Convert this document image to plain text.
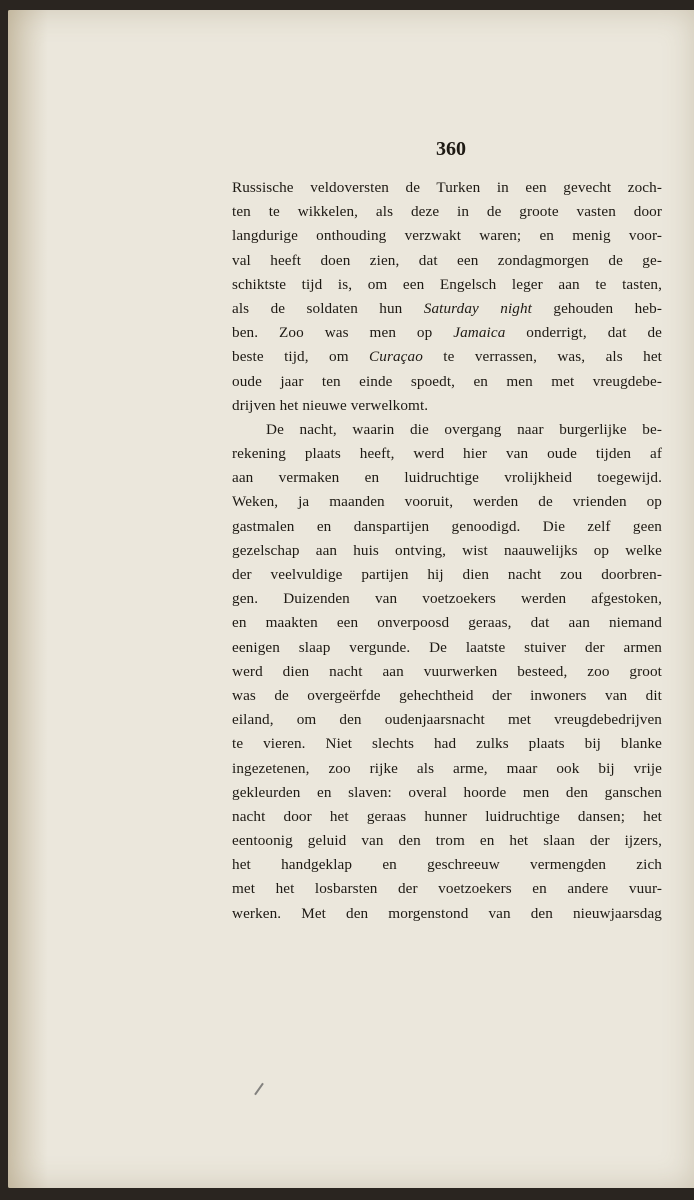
360
Russische veldoversten de Turken in een gevecht zoch-
ten te wikkelen, als deze in de groote vasten door
langdurige onthouding verzwakt waren; en menig voor-
val heeft doen zien, dat een zondagmorgen de ge-
schiktste tijd is, om een Engelsch leger aan te tasten,
als de soldaten hun Saturday night gehouden heb-
ben. Zoo was men op Jamaica onderrigt, dat de
beste tijd, om Curaçao te verrassen, was, als het
oude jaar ten einde spoedt, en men met vreugdebe-
drijven het nieuwe verwelkomt.
De nacht, waarin die overgang naar burgerlijke be-
rekening plaats heeft, werd hier van oude tijden af
aan vermaken en luidruchtige vrolijkheid toegewijd.
Weken, ja maanden vooruit, werden de vrienden op
gastmalen en danspartijen genoodigd. Die zelf geen
gezelschap aan huis ontving, wist naauwelijks op welke
der veelvuldige partijen hij dien nacht zou doorbren-
gen. Duizenden van voetzoekers werden afgestoken,
en maakten een onverpoosd geraas, dat aan niemand
eenigen slaap vergunde. De laatste stuiver der armen
werd dien nacht aan vuurwerken besteed, zoo groot
was de overgeërfde gehechtheid der inwoners van dit
eiland, om den oudenjaarsnacht met vreugdebedrijven
te vieren. Niet slechts had zulks plaats bij blanke
ingezetenen, zoo rijke als arme, maar ook bij vrije
gekleurden en slaven: overal hoorde men den ganschen
nacht door het geraas hunner luidruchtige dansen; het
eentoonig geluid van den trom en het slaan der ijzers,
het handgeklap en geschreeuw vermengden zich
met het losbarsten der voetzoekers en andere vuur-
werken. Met den morgenstond van den nieuwjaarsdag
